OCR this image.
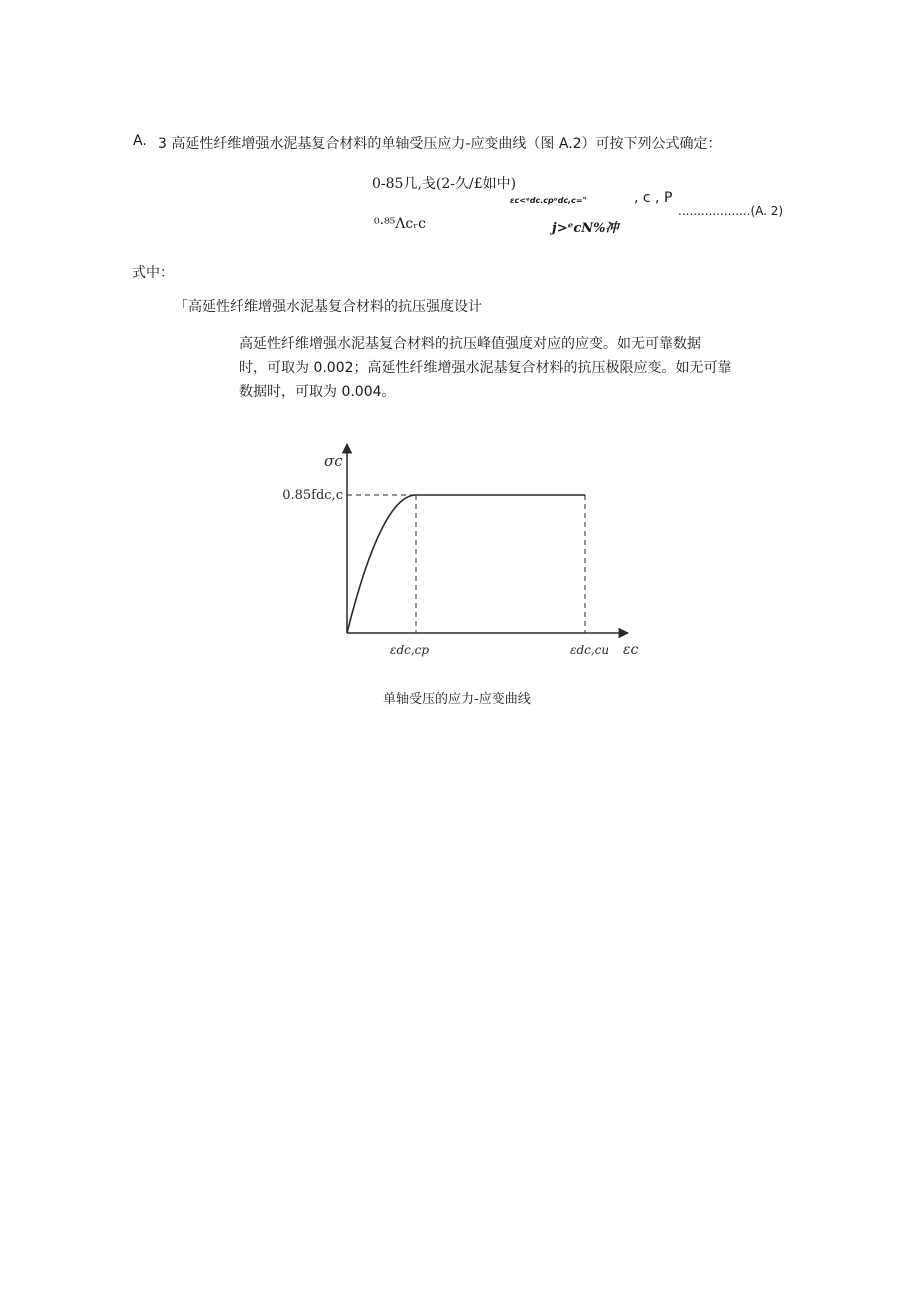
A. 3 高延性纤维增强水泥基复合材料的单轴受压应力-应变曲线（图 A.2）可按下列公式确定：
0-85几,戋(2-久/£如中)
ɛc<ᵉdc.cpᵒdc,c="	, c , P
...................(A. 2)
⁰·⁸⁵Λcᵣc	j>ᵉcN%冲
式中：
「高延性纤维增强水泥基复合材料的抗压强度设计
高延性纤维增强水泥基复合材料的抗压峰值强度对应的应变。如无可靠数据
时，可取为 0.002；高延性纤维增强水泥基复合材料的抗压极限应变。如无可靠
数据时，可取为 0.004。
σc
0.85fdc,c
εdc,cp	εdc,cu εc
单轴受压的应力-应变曲线
